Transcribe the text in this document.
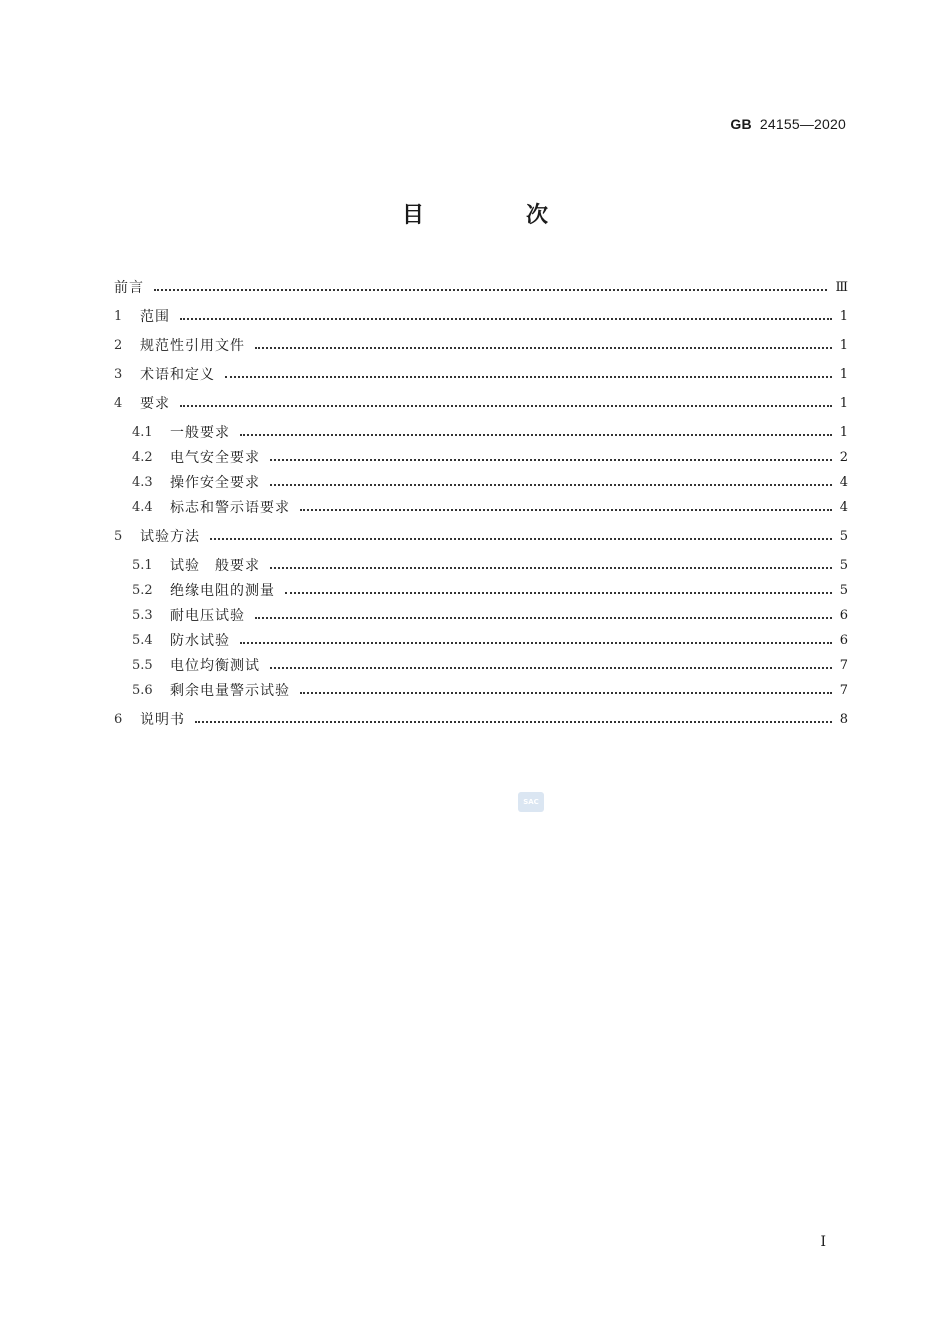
GB 24155—2020
目　次
前言	Ⅲ
1	范围	1
2	规范性引用文件	1
3	术语和定义	1
4	要求	1
4.1	一般要求	1
4.2	电气安全要求	2
4.3	操作安全要求	4
4.4	标志和警示语要求	4
5	试验方法	5
5.1	试验　般要求	5
5.2	绝缘电阻的测量	5
5.3	耐电压试验	6
5.4	防水试验	6
5.5	电位均衡测试	7
5.6	剩余电量警示试验	7
6	说明书	8
SAC
I
